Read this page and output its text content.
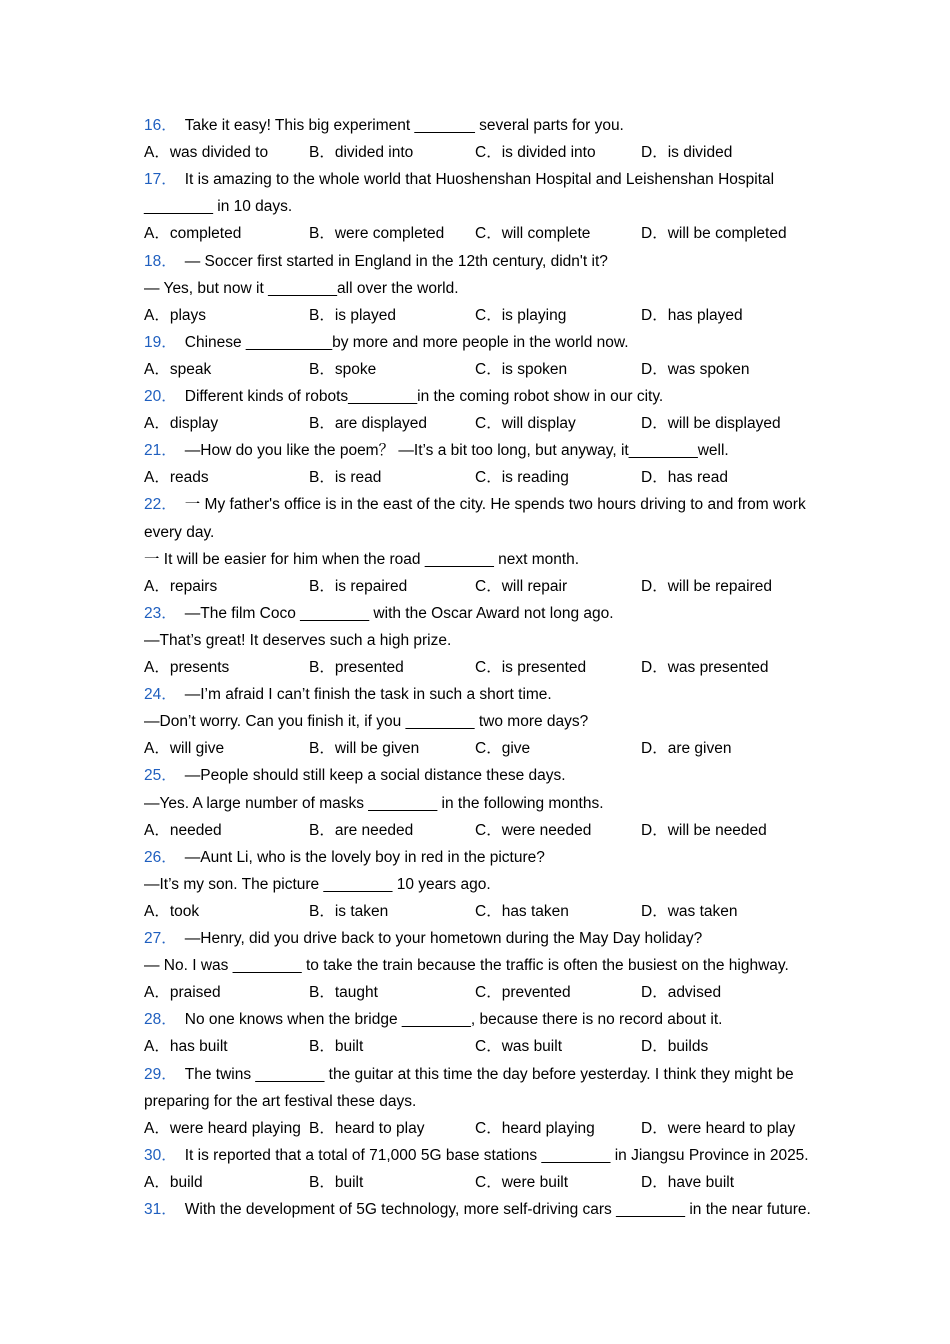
16． Take it easy! This big experiment _______ several parts for you.
A．was divided to	B．divided into	C．is divided into	D．is divided
17． It is amazing to the whole world that Huoshenshan Hospital and Leishenshan Hospital
________ in 10 days.
A．completed	B．were completed C．will complete	D．will be completed
18． — Soccer first started in England in the 12th century, didn't it?
— Yes, but now it ________all over the world.
A．plays	B．is played	C．is playing	D．has played
19． Chinese __________by more and more people in the world now.
A．speak	B．spoke	C．is spoken	D．was spoken
20． Different kinds of robots________in the coming robot show in our city.
A．display	B．are displayed	C．will display	D．will be displayed
21． —How do you like the poem？ —It’s a bit too long, but anyway, it________well.
A．reads	B．is read	C．is reading	D．has read
22． 一 My father's office is in the east of the city. He spends two hours driving to and from work
every day.
一 It will be easier for him when the road ________ next month.
A．repairs	B．is repaired	C．will repair	D．will be repaired
23． —The film Coco ________ with the Oscar Award not long ago.
—That’s great! It deserves such a high prize.
A．presents	B．presented	C．is presented	D．was presented
24． —I’m afraid I can’t finish the task in such a short time.
—Don’t worry. Can you finish it, if you ________ two more days?
A．will give	B．will be given	C．give	D．are given
25． —People should still keep a social distance these days.
—Yes. A large number of masks ________ in the following months.
A．needed	B．are needed	C．were needed	D．will be needed
26． —Aunt Li, who is the lovely boy in red in the picture?
—It’s my son. The picture ________ 10 years ago.
A．took	B．is taken	C．has taken	D．was taken
27． —Henry, did you drive back to your hometown during the May Day holiday?
— No. I was ________ to take the train because the traffic is often the busiest on the highway.
A．praised	B．taught	C．prevented	D．advised
28． No one knows when the bridge ________, because there is no record about it.
A．has built	B．built	C．was built	D．builds
29． The twins ________ the guitar at this time the day before yesterday. I think they might be
preparing for the art festival these days.
A．were heard playing B．heard to play	C．heard playing	D．were heard to play
30． It is reported that a total of 71,000 5G base stations ________ in Jiangsu Province in 2025.
A．build	B．built	C．were built	D．have built
31． With the development of 5G technology, more self-driving cars ________ in the near future.
